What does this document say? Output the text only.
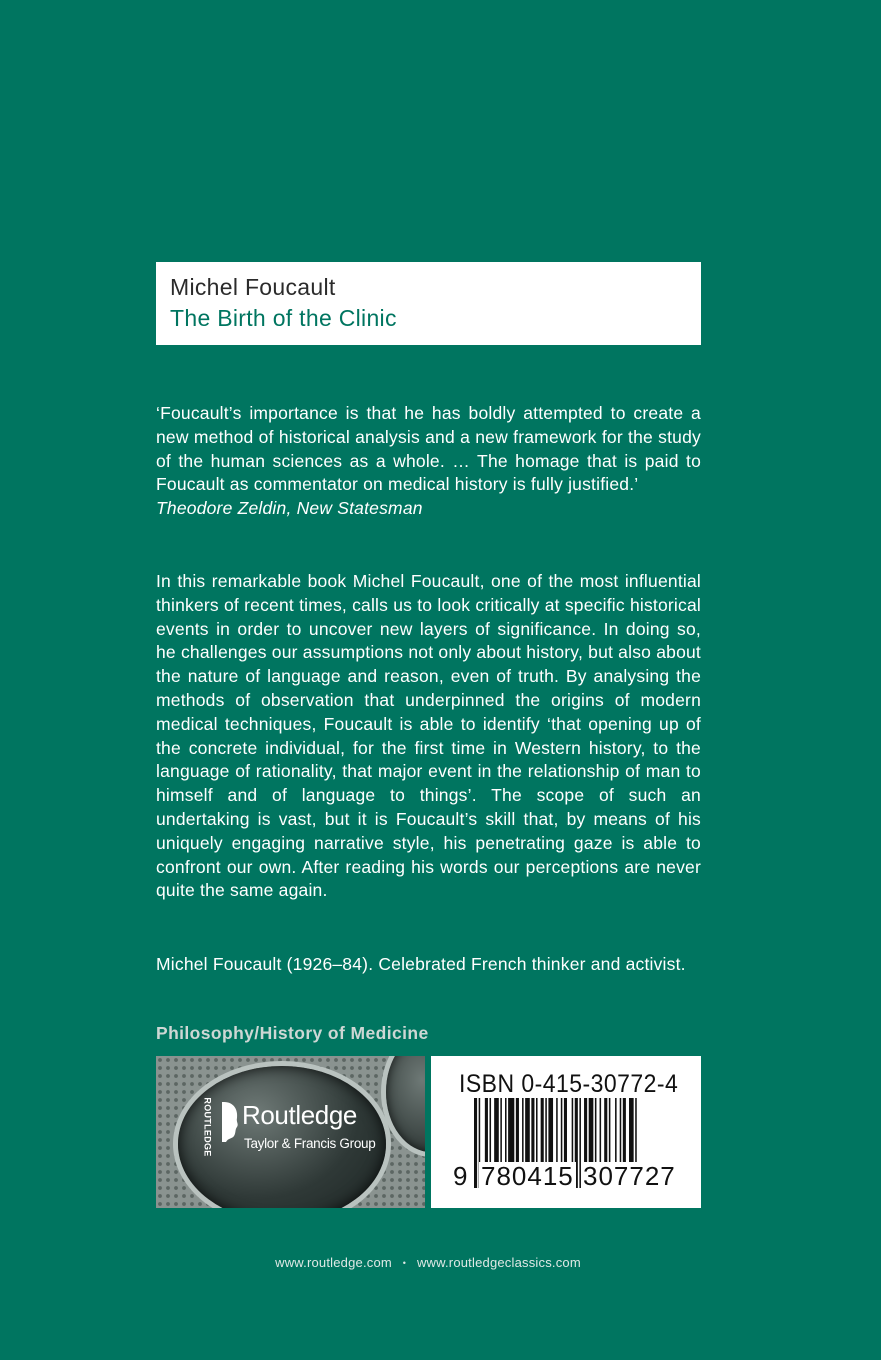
Michel Foucault
The Birth of the Clinic
‘Foucault’s importance is that he has boldly attempted to create a new method of historical analysis and a new framework for the study of the human sciences as a whole. … The homage that is paid to Foucault as commentator on medical history is fully justified.’
Theodore Zeldin, New Statesman
In this remarkable book Michel Foucault, one of the most influential thinkers of recent times, calls us to look critically at specific historical events in order to uncover new layers of significance. In doing so, he challenges our assumptions not only about history, but also about the nature of language and reason, even of truth. By analysing the methods of observation that underpinned the origins of modern medical techniques, Foucault is able to identify ‘that opening up of the concrete individual, for the first time in Western history, to the language of rationality, that major event in the relationship of man to himself and of language to things’. The scope of such an undertaking is vast, but it is Foucault’s skill that, by means of his uniquely engaging narrative style, his penetrating gaze is able to confront our own. After reading his words our perceptions are never quite the same again.
Michel Foucault (1926–84). Celebrated French thinker and activist.
Philosophy/History of Medicine
ROUTLEDGE Routledge
Taylor & Francis Group
ISBN 0-415-30772-4
9 780415 307727
www.routledge.com • www.routledgeclassics.com
